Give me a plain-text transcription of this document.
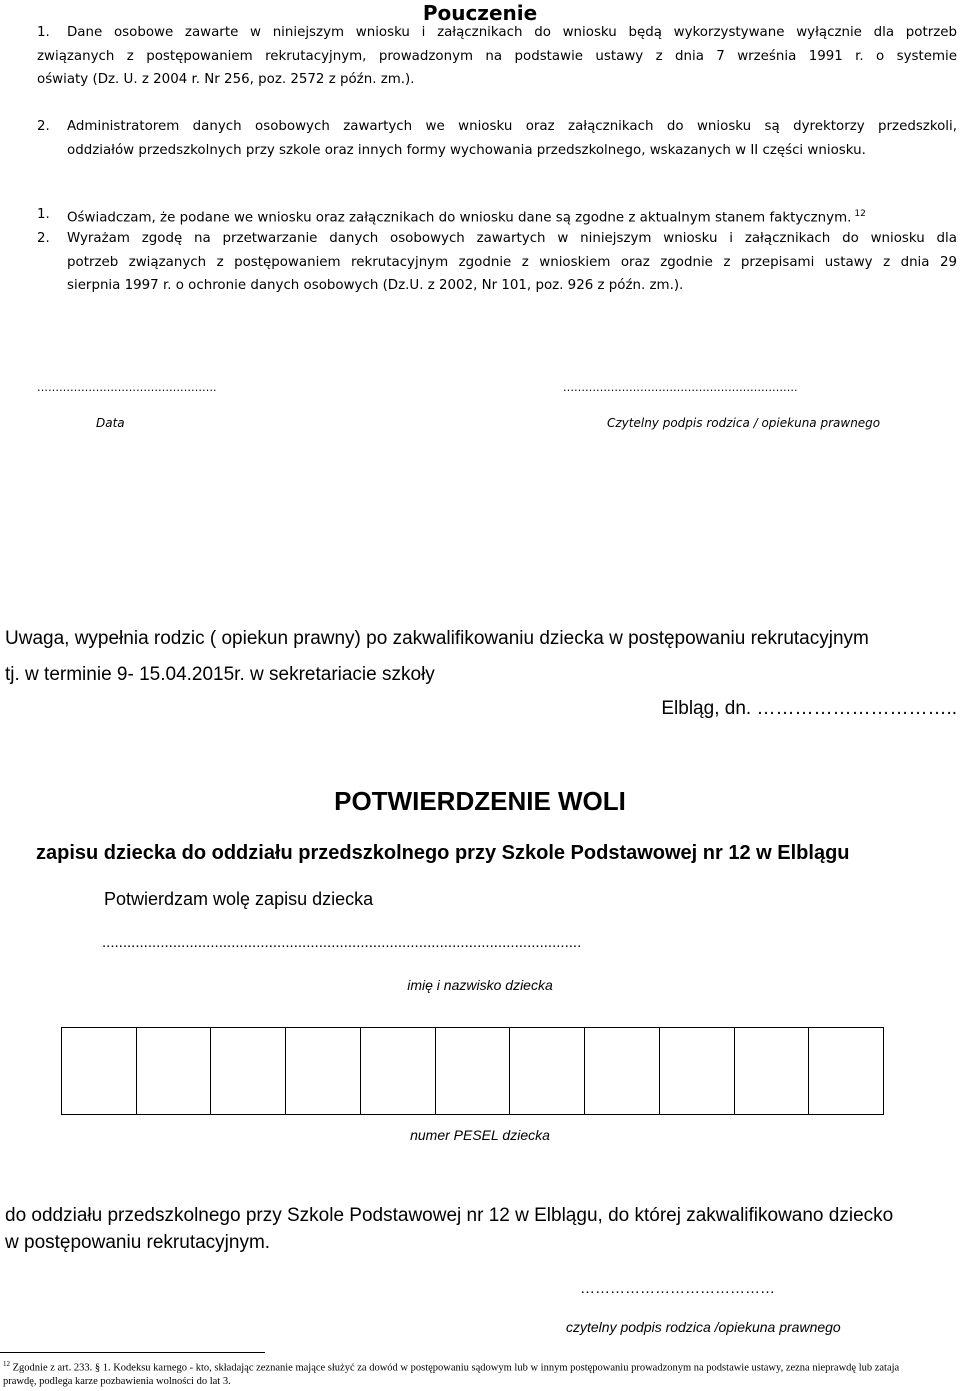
Pouczenie
1. Dane osobowe zawarte w niniejszym wniosku i załącznikach do wniosku będą wykorzystywane wyłącznie dla potrzeb
związanych z postępowaniem rekrutacyjnym, prowadzonym na podstawie ustawy z dnia 7 września 1991 r. o systemie
oświaty (Dz. U. z 2004 r. Nr 256, poz. 2572 z późn. zm.).
2. Administratorem danych osobowych zawartych we wniosku oraz załącznikach do wniosku są dyrektorzy przedszkoli,
oddziałów przedszkolnych przy szkole oraz innych formy wychowania przedszkolnego, wskazanych w II części wniosku.
1. Oświadczam, że podane we wniosku oraz załącznikach do wniosku dane są zgodne z aktualnym stanem faktycznym. $^{12}$
2. Wyrażam zgodę na przetwarzanie danych osobowych zawartych w niniejszym wniosku i załącznikach do wniosku dla
potrzeb związanych z postępowaniem rekrutacyjnym zgodnie z wnioskiem oraz zgodnie z przepisami ustawy z dnia 29
sierpnia 1997 r. o ochronie danych osobowych (Dz.U. z 2002, Nr 101, poz. 926 z późn. zm.).
………………………………………….	……………………………………………………….
Data	Czytelny podpis rodzica / opiekuna prawnego
Uwaga, wypełnia rodzic ( opiekun prawny) po zakwalifikowaniu dziecka w postępowaniu rekrutacyjnym
tj. w terminie 9- 15.04.2015r. w sekretariacie szkoły
Elbląg, dn. …………………………..
POTWIERDZENIE WOLI
zapisu dziecka do oddziału przedszkolnego przy Szkole Podstawowej nr 12 w Elblągu
Potwierdzam wolę zapisu dziecka
...................................................................................................................
imię i nazwisko dziecka
numer PESEL dziecka
do oddziału przedszkolnego przy Szkole Podstawowej nr 12 w Elblągu, do której zakwalifikowano dziecko
w postępowaniu rekrutacyjnym.
…………………………………
czytelny podpis rodzica /opiekuna prawnego
$^{12}$ Zgodnie z art. 233. § 1. Kodeksu karnego - kto, składając zeznanie mające służyć za dowód w postępowaniu sądowym lub w innym postępowaniu prowadzonym na podstawie ustawy, zezna nieprawdę lub zataja
prawdę, podlega karze pozbawienia wolności do lat 3.
